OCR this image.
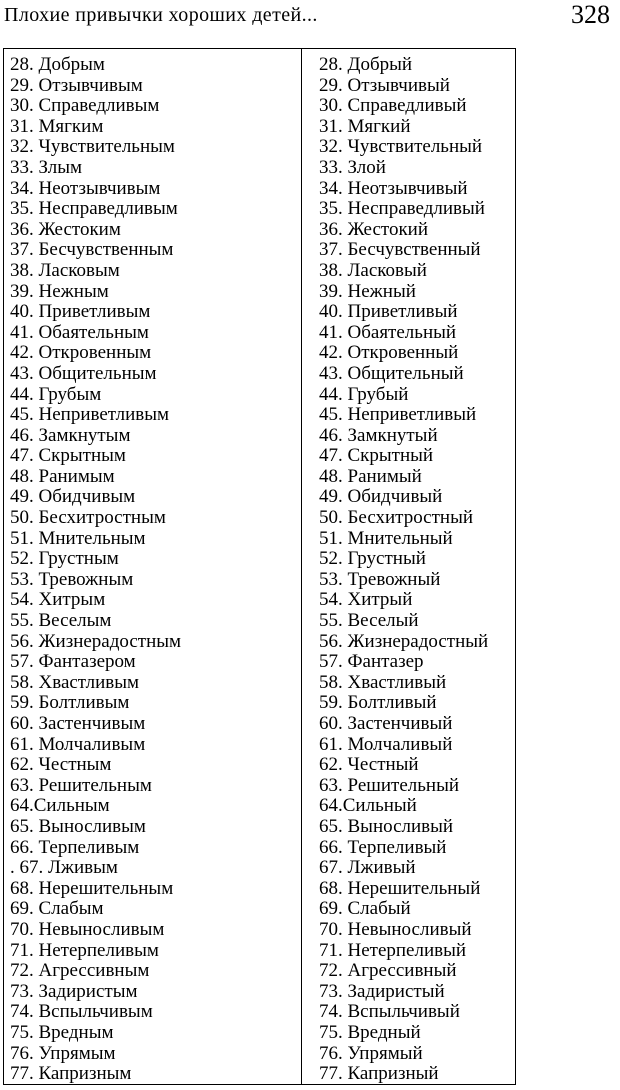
Плохие привычки хороших детей...	328
28. Добрым
29. Отзывчивым
30. Справедливым
31. Мягким
32. Чувствительным
33. Злым
34. Неотзывчивым
35. Несправедливым
36. Жестоким
37. Бесчувственным
38. Ласковым
39. Нежным
40. Приветливым
41. Обаятельным
42. Откровенным
43. Общительным
44. Грубым
45. Неприветливым
46. Замкнутым
47. Скрытным
48. Ранимым
49. Обидчивым
50. Бесхитростным
51. Мнительным
52. Грустным
53. Тревожным
54. Хитрым
55. Веселым
56. Жизнерадостным
57. Фантазером
58. Хвастливым
59. Болтливым
60. Застенчивым
61. Молчаливым
62. Честным
63. Решительным
64.Сильным
65. Выносливым
66. Терпеливым
. 67. Лживым
68. Нерешительным
69. Слабым
70. Невыносливым
71. Нетерпеливым
72. Агрессивным
73. Задиристым
74. Вспыльчивым
75. Вредным
76. Упрямым
77. Капризным
28. Добрый
29. Отзывчивый
30. Справедливый
31. Мягкий
32. Чувствительный
33. Злой
34. Неотзывчивый
35. Несправедливый
36. Жестокий
37. Бесчувственный
38. Ласковый
39. Нежный
40. Приветливый
41. Обаятельный
42. Откровенный
43. Общительный
44. Грубый
45. Неприветливый
46. Замкнутый
47. Скрытный
48. Ранимый
49. Обидчивый
50. Бесхитростный
51. Мнительный
52. Грустный
53. Тревожный
54. Хитрый
55. Веселый
56. Жизнерадостный
57. Фантазер
58. Хвастливый
59. Болтливый
60. Застенчивый
61. Молчаливый
62. Честный
63. Решительный
64.Сильный
65. Выносливый
66. Терпеливый
67. Лживый
68. Нерешительный
69. Слабый
70. Невыносливый
71. Нетерпеливый
72. Агрессивный
73. Задиристый
74. Вспыльчивый
75. Вредный
76. Упрямый
77. Капризный
